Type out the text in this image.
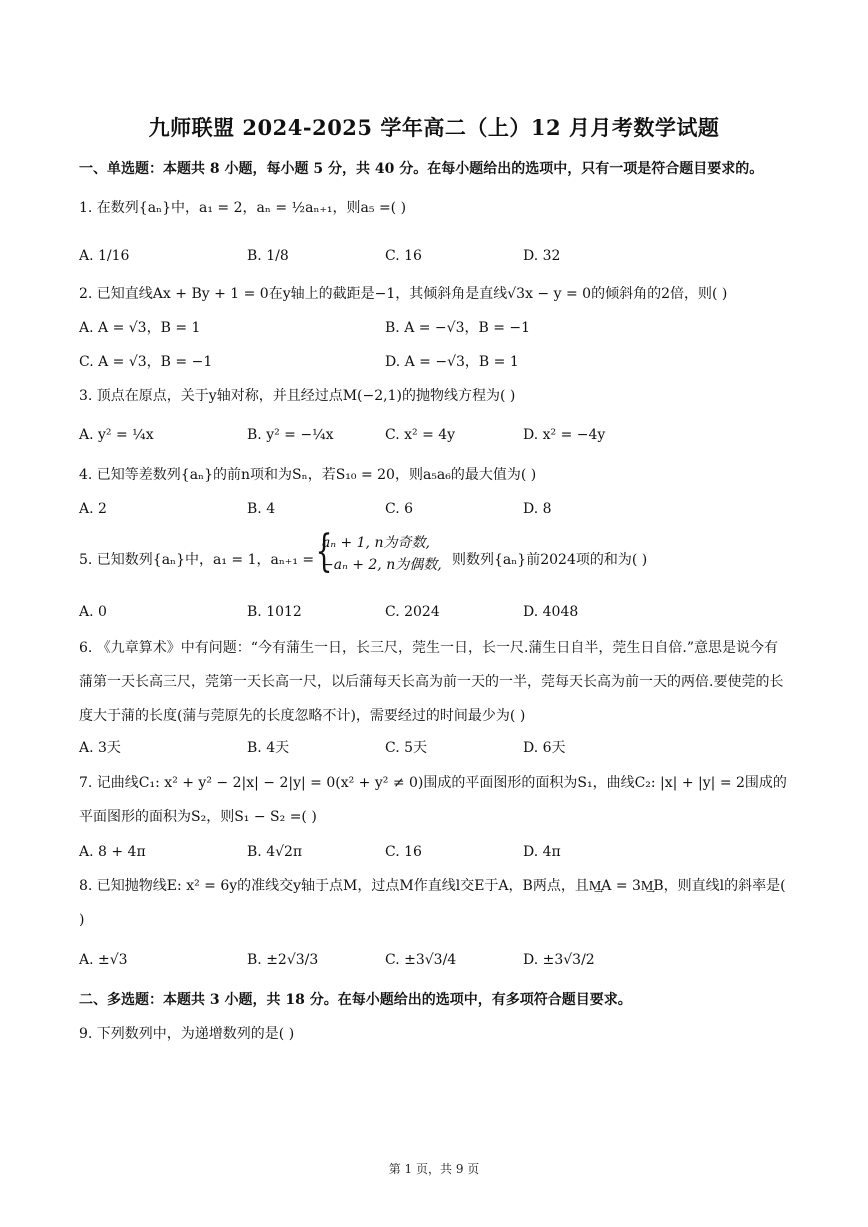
九师联盟 2024-2025 学年高二（上）12 月月考数学试题
一、单选题：本题共 8 小题，每小题 5 分，共 40 分。在每小题给出的选项中，只有一项是符合题目要求的。
1. 在数列{aₙ}中，a₁ = 2，aₙ = ½aₙ₊₁，则a₅ =( )
A. 1/16	B. 1/8	C. 16	D. 32
2. 已知直线Ax + By + 1 = 0在y轴上的截距是−1，其倾斜角是直线√3x − y = 0的倾斜角的2倍，则( )
A. A = √3，B = 1	B. A = −√3，B = −1
C. A = √3，B = −1	D. A = −√3，B = 1
3. 顶点在原点，关于y轴对称，并且经过点M(−2,1)的抛物线方程为( )
A. y² = ¼x	B. y² = −¼x	C. x² = 4y	D. x² = −4y
4. 已知等差数列{aₙ}的前n项和为Sₙ，若S₁₀ = 20，则a₅a₆的最大值为( )
A. 2	B. 4	C. 6	D. 8
5. 已知数列{aₙ}中，a₁ = 1，aₙ₊₁ = {
aₙ + 1, n为奇数,
−aₙ + 2, n为偶数, 则数列{aₙ}前2024项的和为( )
A. 0	B. 1012	C. 2024	D. 4048
6. 《九章算术》中有问题：“今有蒲生一日，长三尺，莞生一日，长一尺.蒲生日自半，莞生日自倍.”意思是说今有蒲第一天长高三尺，莞第一天长高一尺，以后蒲每天长高为前一天的一半，莞每天长高为前一天的两倍.要使莞的长度大于蒲的长度(蒲与莞原先的长度忽略不计)，需要经过的时间最少为( )
A. 3天	B. 4天	C. 5天	D. 6天
7. 记曲线C₁: x² + y² − 2|x| − 2|y| = 0(x² + y² ≠ 0)围成的平面图形的面积为S₁，曲线C₂: |x| + |y| = 2围成的平面图形的面积为S₂，则S₁ − S₂ =( )
A. 8 + 4π	B. 4√2π	C. 16	D. 4π
8. 已知抛物线E: x² = 6y的准线交y轴于点M，过点M作直线l交E于A，B两点，且M͢A = 3M͢B，则直线l的斜率是( )
A. ±√3	B. ±2√3/3	C. ±3√3/4	D. ±3√3/2
二、多选题：本题共 3 小题，共 18 分。在每小题给出的选项中，有多项符合题目要求。
9. 下列数列中，为递增数列的是( )
第 1 页，共 9 页
